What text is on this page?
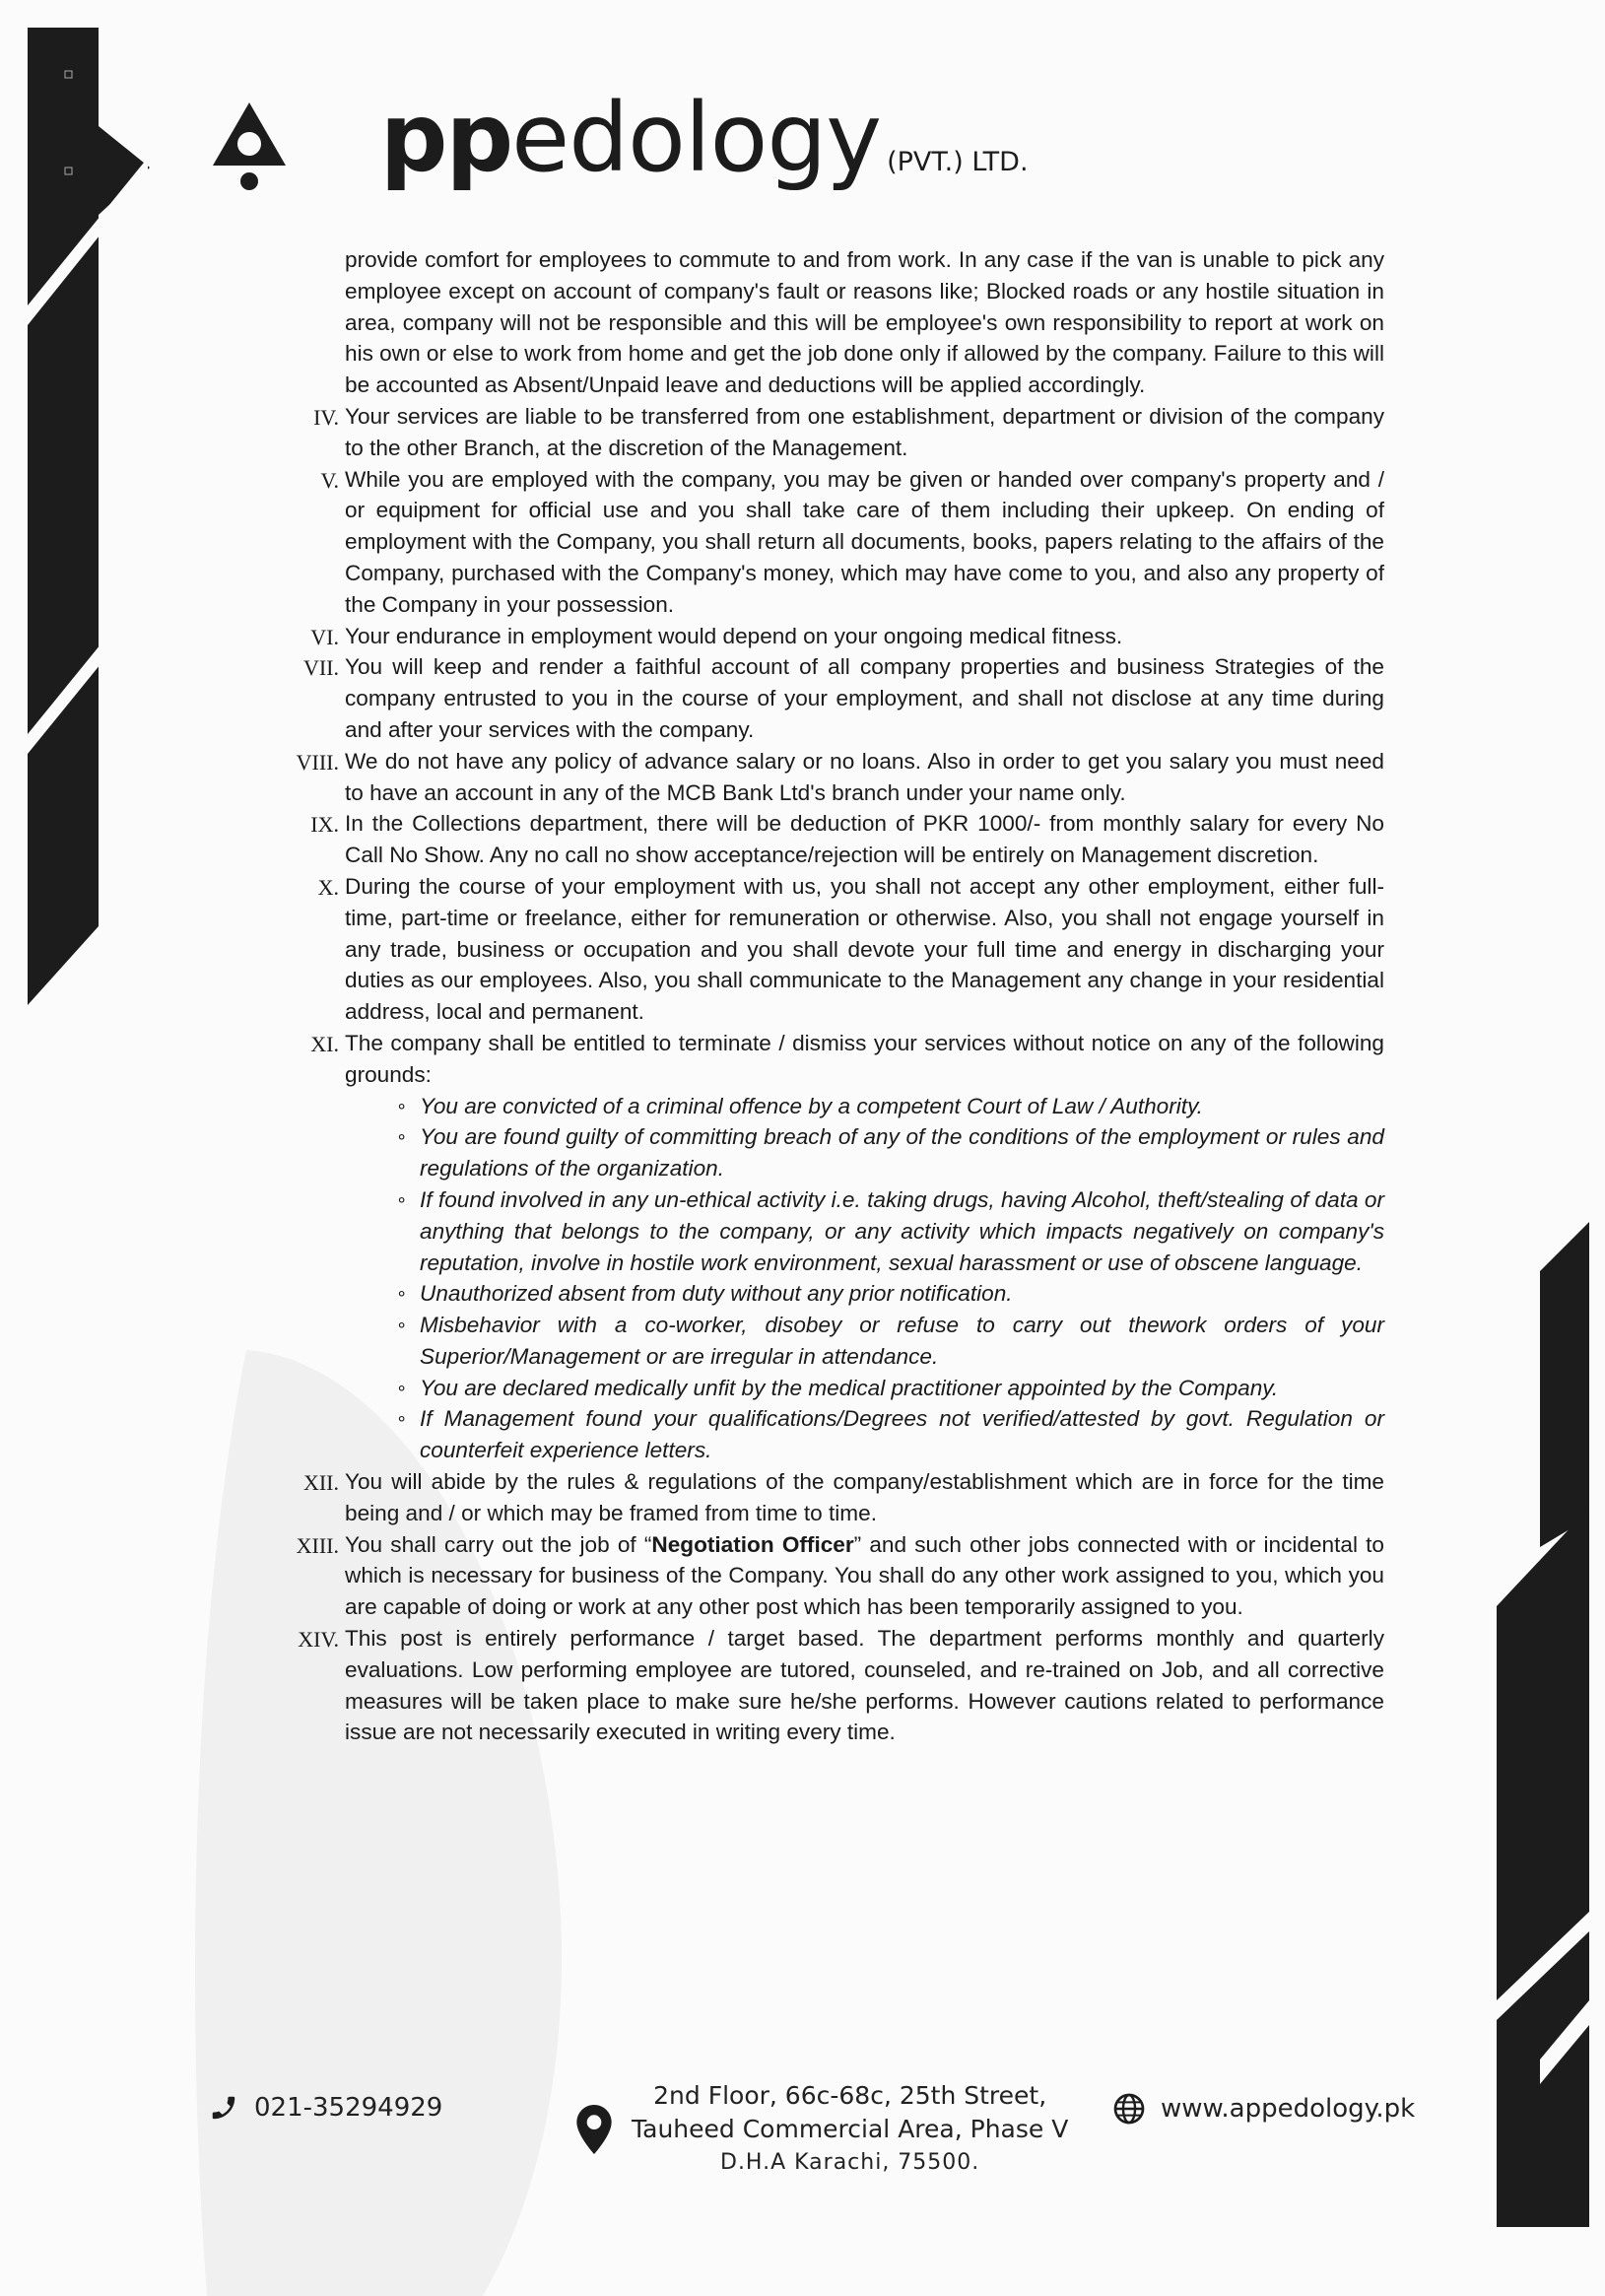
ppedology (PVT.) LTD.

provide comfort for employees to commute to and from work. In any case if the van is unable to pick any employee except on account of company's fault or reasons like; Blocked roads or any hostile situation in area, company will not be responsible and this will be employee's own responsibility to report at work on his own or else to work from home and get the job done only if allowed by the company. Failure to this will be accounted as Absent/Unpaid leave and deductions will be applied accordingly.

IV. Your services are liable to be transferred from one establishment, department or division of the company to the other Branch, at the discretion of the Management.
V. While you are employed with the company, you may be given or handed over company's property and / or equipment for official use and you shall take care of them including their upkeep. On ending of employment with the Company, you shall return all documents, books, papers relating to the affairs of the Company, purchased with the Company's money, which may have come to you, and also any property of the Company in your possession.
VI. Your endurance in employment would depend on your ongoing medical fitness.
VII. You will keep and render a faithful account of all company properties and business Strategies of the company entrusted to you in the course of your employment, and shall not disclose at any time during and after your services with the company.
VIII. We do not have any policy of advance salary or no loans. Also in order to get you salary you must need to have an account in any of the MCB Bank Ltd's branch under your name only.
IX. In the Collections department, there will be deduction of PKR 1000/- from monthly salary for every No Call No Show. Any no call no show acceptance/rejection will be entirely on Management discretion.
X. During the course of your employment with us, you shall not accept any other employment, either full-time, part-time or freelance, either for remuneration or otherwise. Also, you shall not engage yourself in any trade, business or occupation and you shall devote your full time and energy in discharging your duties as our employees. Also, you shall communicate to the Management any change in your residential address, local and permanent.
XI. The company shall be entitled to terminate / dismiss your services without notice on any of the following grounds:
∘ You are convicted of a criminal offence by a competent Court of Law / Authority.
∘ You are found guilty of committing breach of any of the conditions of the employment or rules and regulations of the organization.
∘ If found involved in any un-ethical activity i.e. taking drugs, having Alcohol, theft/stealing of data or anything that belongs to the company, or any activity which impacts negatively on company's reputation, involve in hostile work environment, sexual harassment or use of obscene language.
∘ Unauthorized absent from duty without any prior notification.
∘ Misbehavior with a co-worker, disobey or refuse to carry out thework orders of your Superior/Management or are irregular in attendance.
∘ You are declared medically unfit by the medical practitioner appointed by the Company.
∘ If Management found your qualifications/Degrees not verified/attested by govt. Regulation or counterfeit experience letters.
XII. You will abide by the rules & regulations of the company/establishment which are in force for the time being and / or which may be framed from time to time.
XIII. You shall carry out the job of “Negotiation Officer” and such other jobs connected with or incidental to which is necessary for business of the Company. You shall do any other work assigned to you, which you are capable of doing or work at any other post which has been temporarily assigned to you.
XIV. This post is entirely performance / target based. The department performs monthly and quarterly evaluations. Low performing employee are tutored, counseled, and re-trained on Job, and all corrective measures will be taken place to make sure he/she performs. However cautions related to performance issue are not necessarily executed in writing every time.
021-35294929	2nd Floor, 66c-68c, 25th Street,
Tauheed Commercial Area, Phase V
D.H.A Karachi, 75500.
www.appedology.pk
